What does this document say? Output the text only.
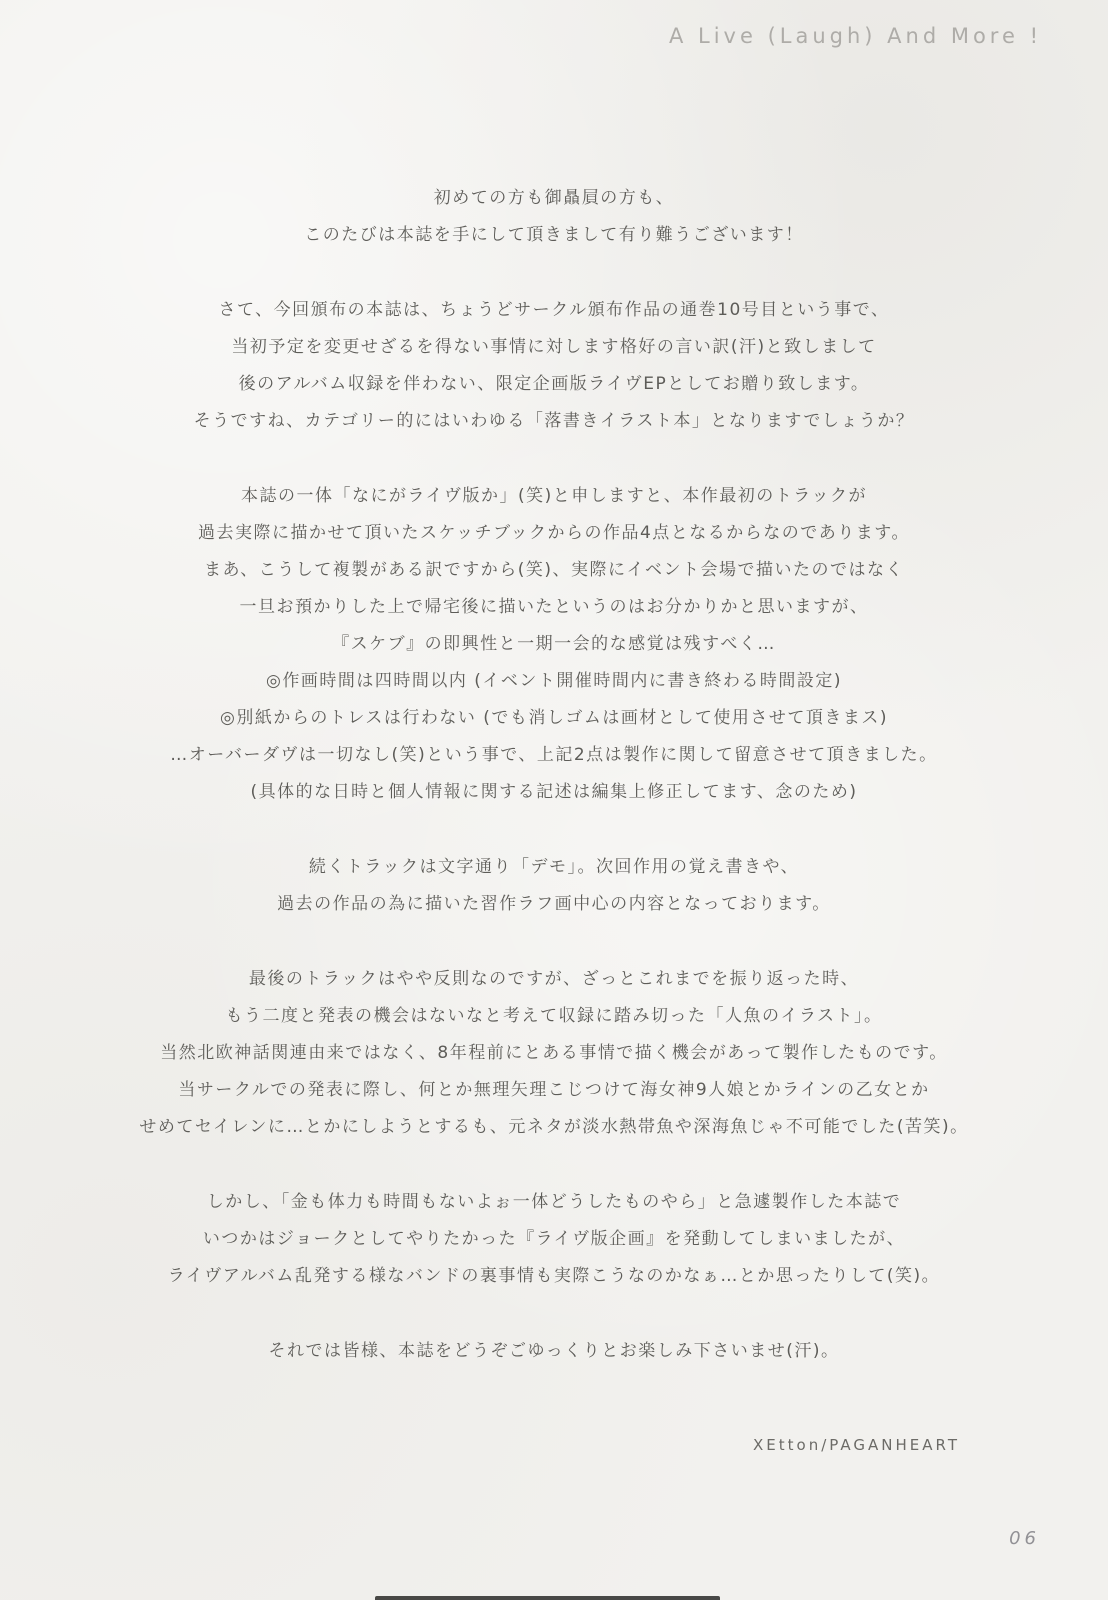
A Live (Laugh) And More !
初めての方も御贔屓の方も、
このたびは本誌を手にして頂きまして有り難うございます！
さて、今回頒布の本誌は、ちょうどサークル頒布作品の通巻10号目という事で、
当初予定を変更せざるを得ない事情に対します格好の言い訳(汗)と致しまして
後のアルバム収録を伴わない、限定企画版ライヴEPとしてお贈り致します。
そうですね、カテゴリー的にはいわゆる「落書きイラスト本」となりますでしょうか？
本誌の一体「なにがライヴ版か」(笑)と申しますと、本作最初のトラックが
過去実際に描かせて頂いたスケッチブックからの作品4点となるからなのであります。
まあ、こうして複製がある訳ですから(笑)、実際にイベント会場で描いたのではなく
一旦お預かりした上で帰宅後に描いたというのはお分かりかと思いますが、
『スケブ』の即興性と一期一会的な感覚は残すべく…
◎作画時間は四時間以内 (イベント開催時間内に書き終わる時間設定)
◎別紙からのトレスは行わない (でも消しゴムは画材として使用させて頂きまス)
…オーバーダヴは一切なし(笑)という事で、上記2点は製作に関して留意させて頂きました。
(具体的な日時と個人情報に関する記述は編集上修正してます、念のため)
続くトラックは文字通り「デモ」。次回作用の覚え書きや、
過去の作品の為に描いた習作ラフ画中心の内容となっております。
最後のトラックはやや反則なのですが、ざっとこれまでを振り返った時、
もう二度と発表の機会はないなと考えて収録に踏み切った「人魚のイラスト」。
当然北欧神話関連由来ではなく、8年程前にとある事情で描く機会があって製作したものです。
当サークルでの発表に際し、何とか無理矢理こじつけて海女神9人娘とかラインの乙女とか
せめてセイレンに…とかにしようとするも、元ネタが淡水熱帯魚や深海魚じゃ不可能でした(苦笑)。
しかし、「金も体力も時間もないよぉ一体どうしたものやら」と急遽製作した本誌で
いつかはジョークとしてやりたかった『ライヴ版企画』を発動してしまいましたが、
ライヴアルバム乱発する様なバンドの裏事情も実際こうなのかなぁ…とか思ったりして(笑)。
それでは皆様、本誌をどうぞごゆっくりとお楽しみ下さいませ(汗)。
XEtton/PAGANHEART
06
